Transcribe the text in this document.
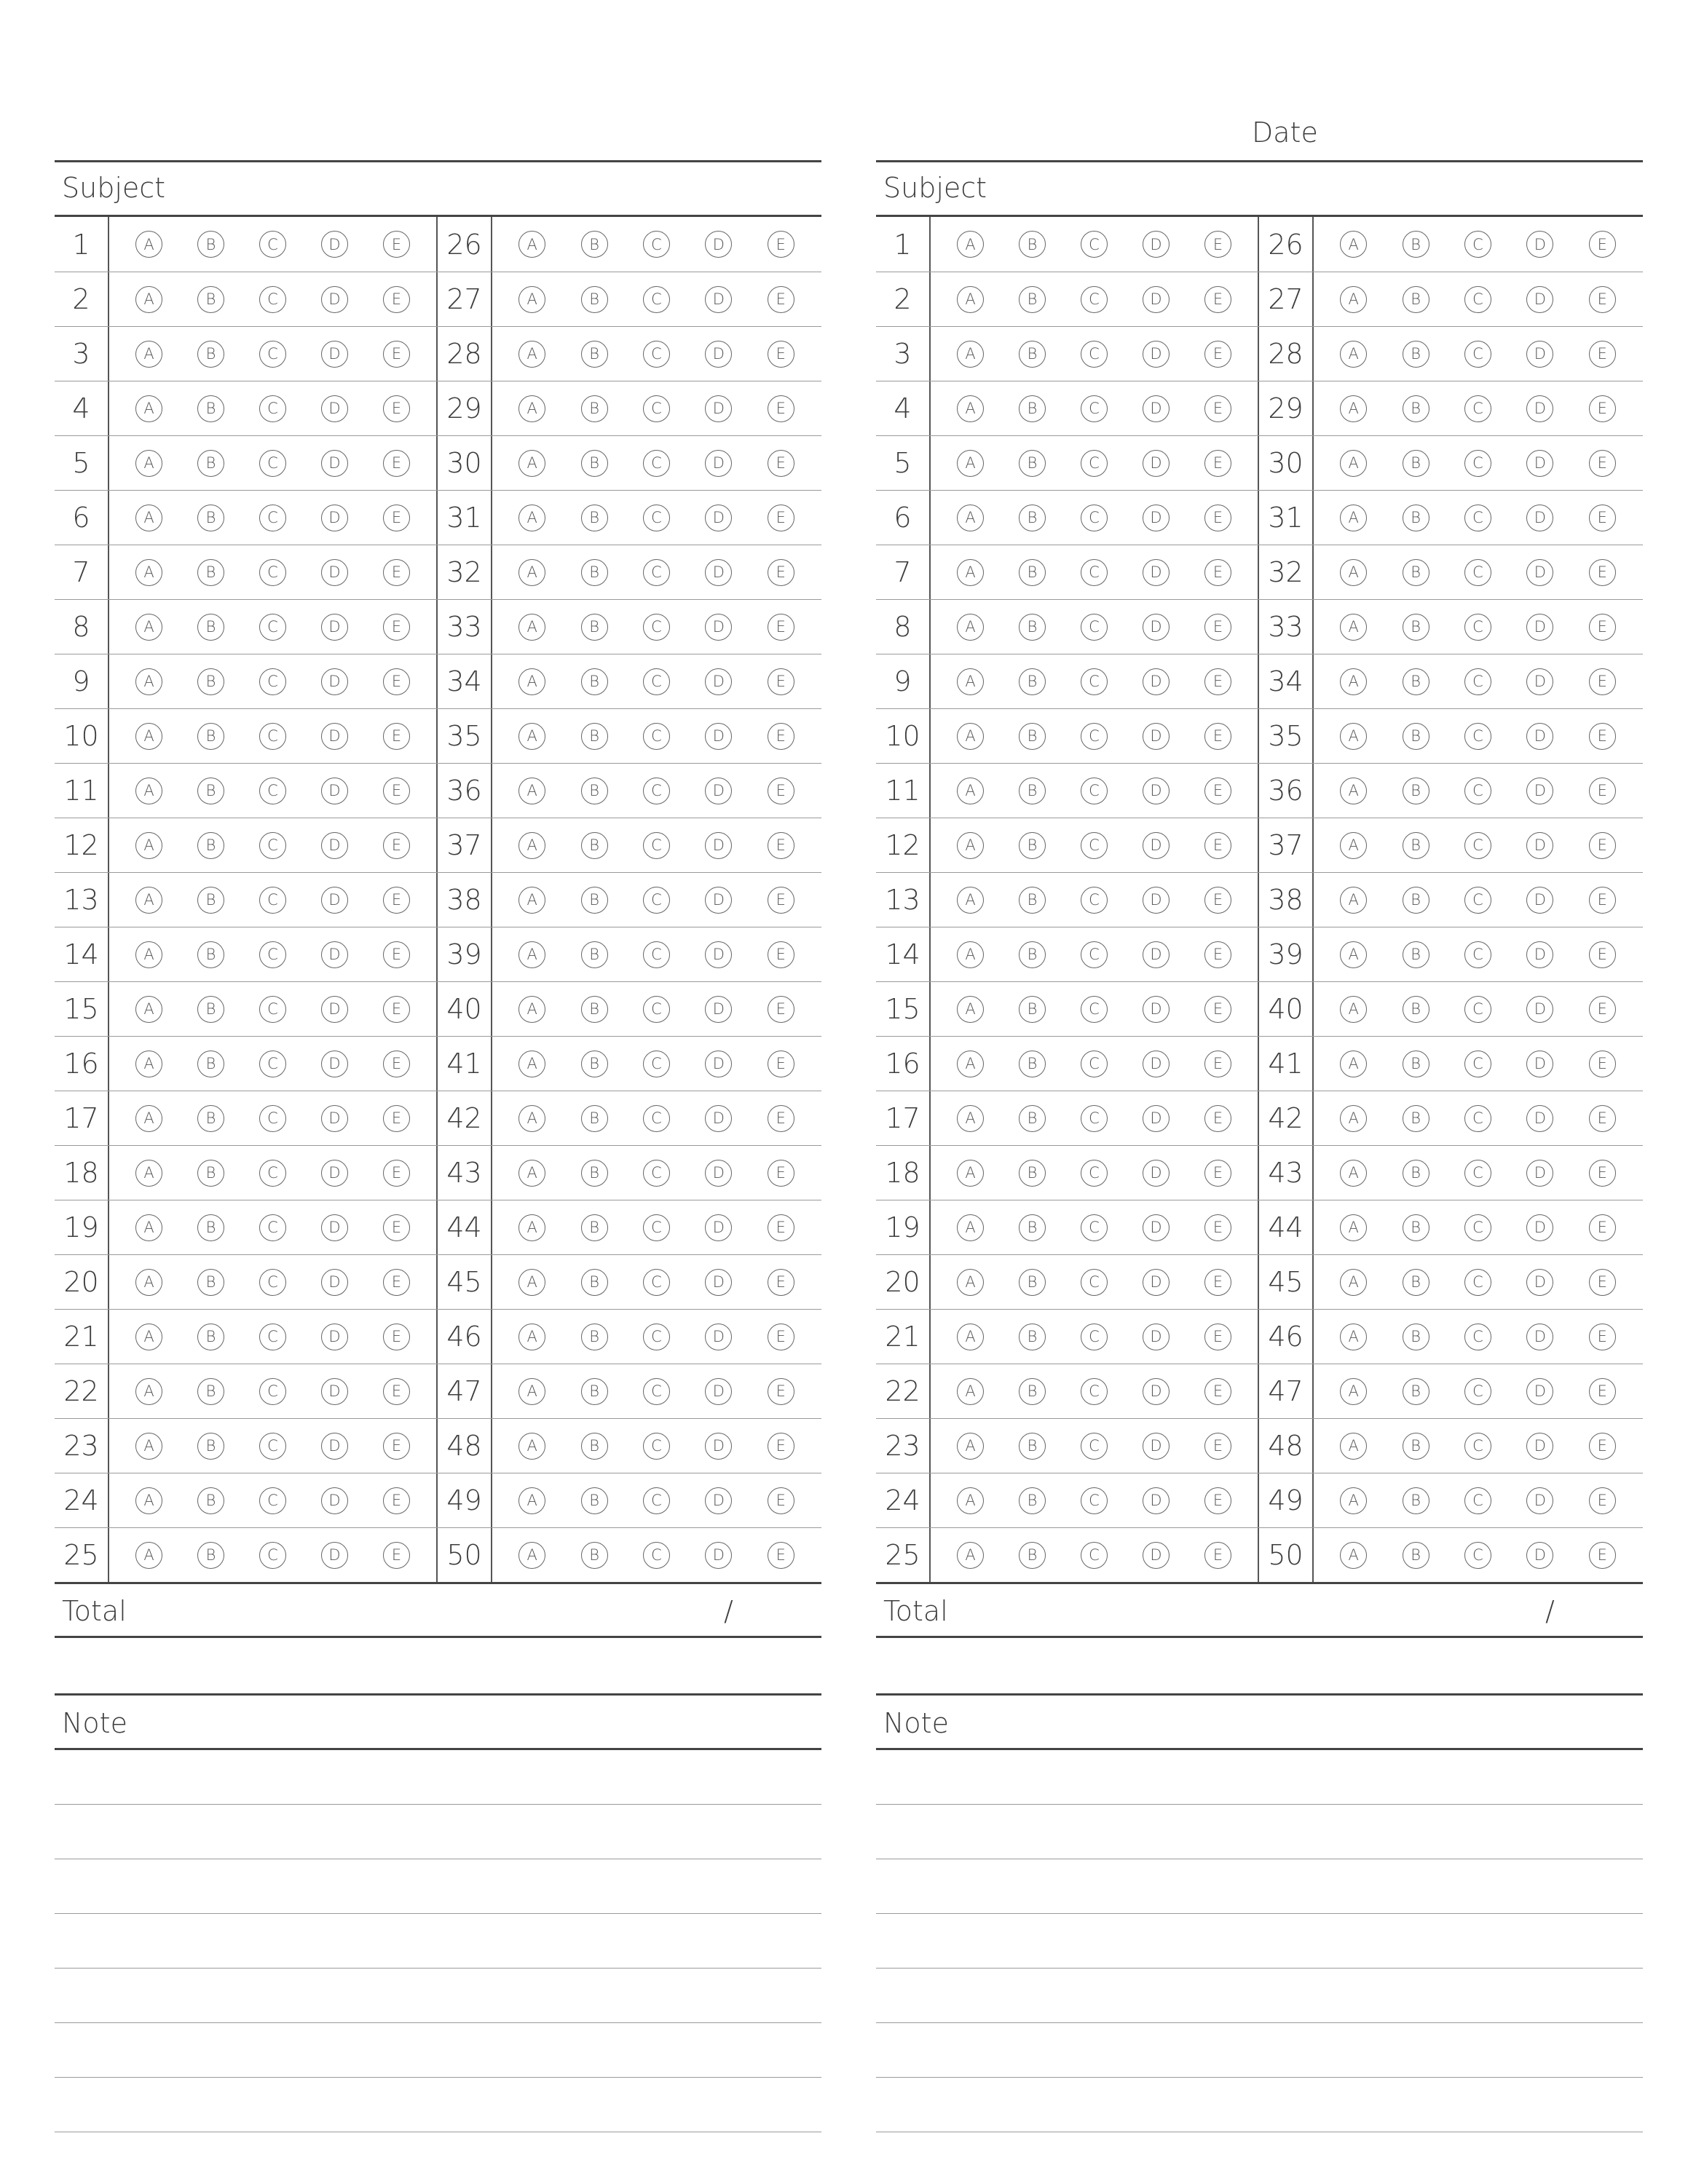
Date
Subject
1	A	B	C	D	E	26	A	B	C	D	E
2	A	B	C	D	E	27	A	B	C	D	E
3	A	B	C	D	E	28	A	B	C	D	E
4	A	B	C	D	E	29	A	B	C	D	E
5	A	B	C	D	E	30	A	B	C	D	E
6	A	B	C	D	E	31	A	B	C	D	E
7	A	B	C	D	E	32	A	B	C	D	E
8	A	B	C	D	E	33	A	B	C	D	E
9	A	B	C	D	E	34	A	B	C	D	E
10	A	B	C	D	E	35	A	B	C	D	E
11	A	B	C	D	E	36	A	B	C	D	E
12	A	B	C	D	E	37	A	B	C	D	E
13	A	B	C	D	E	38	A	B	C	D	E
14	A	B	C	D	E	39	A	B	C	D	E
15	A	B	C	D	E	40	A	B	C	D	E
16	A	B	C	D	E	41	A	B	C	D	E
17	A	B	C	D	E	42	A	B	C	D	E
18	A	B	C	D	E	43	A	B	C	D	E
19	A	B	C	D	E	44	A	B	C	D	E
20	A	B	C	D	E	45	A	B	C	D	E
21	A	B	C	D	E	46	A	B	C	D	E
22	A	B	C	D	E	47	A	B	C	D	E
23	A	B	C	D	E	48	A	B	C	D	E
24	A	B	C	D	E	49	A	B	C	D	E
25	A	B	C	D	E	50	A	B	C	D	E
Total	/
Note
Subject
1	A	B	C	D	E	26	A	B	C	D	E
2	A	B	C	D	E	27	A	B	C	D	E
3	A	B	C	D	E	28	A	B	C	D	E
4	A	B	C	D	E	29	A	B	C	D	E
5	A	B	C	D	E	30	A	B	C	D	E
6	A	B	C	D	E	31	A	B	C	D	E
7	A	B	C	D	E	32	A	B	C	D	E
8	A	B	C	D	E	33	A	B	C	D	E
9	A	B	C	D	E	34	A	B	C	D	E
10	A	B	C	D	E	35	A	B	C	D	E
11	A	B	C	D	E	36	A	B	C	D	E
12	A	B	C	D	E	37	A	B	C	D	E
13	A	B	C	D	E	38	A	B	C	D	E
14	A	B	C	D	E	39	A	B	C	D	E
15	A	B	C	D	E	40	A	B	C	D	E
16	A	B	C	D	E	41	A	B	C	D	E
17	A	B	C	D	E	42	A	B	C	D	E
18	A	B	C	D	E	43	A	B	C	D	E
19	A	B	C	D	E	44	A	B	C	D	E
20	A	B	C	D	E	45	A	B	C	D	E
21	A	B	C	D	E	46	A	B	C	D	E
22	A	B	C	D	E	47	A	B	C	D	E
23	A	B	C	D	E	48	A	B	C	D	E
24	A	B	C	D	E	49	A	B	C	D	E
25	A	B	C	D	E	50	A	B	C	D	E
Total	/
Note
